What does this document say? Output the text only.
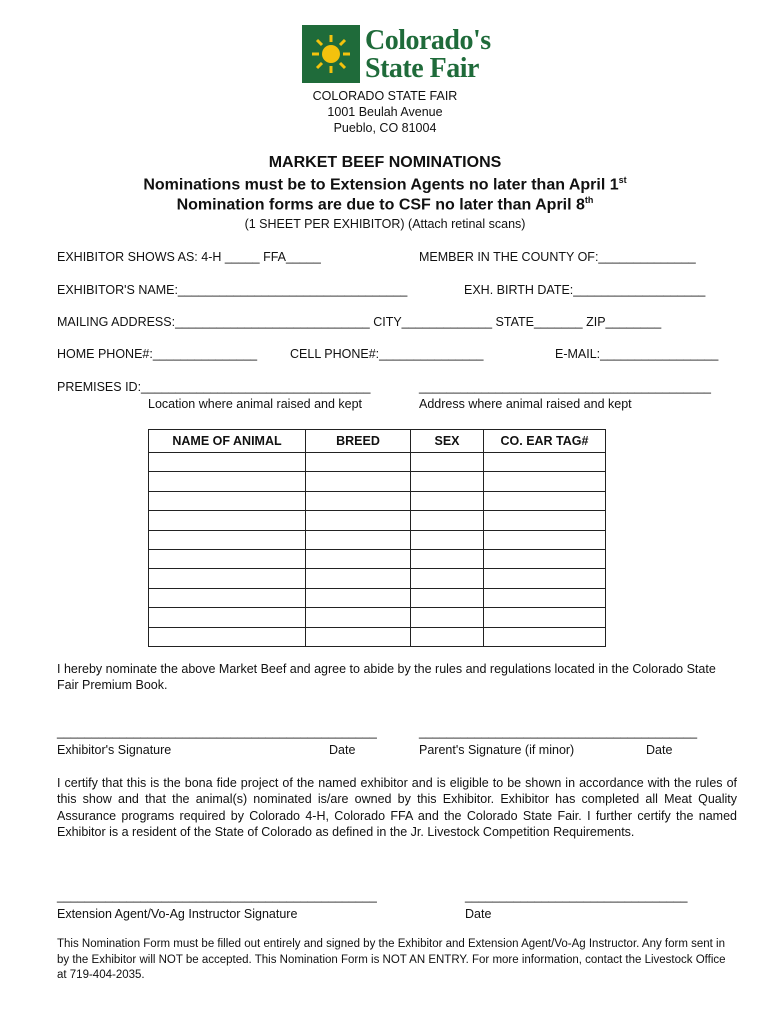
Colorado's
State Fair
COLORADO STATE FAIR
1001 Beulah Avenue
Pueblo, CO 81004
MARKET BEEF NOMINATIONS
Nominations must be to Extension Agents no later than April 1st
Nomination forms are due to CSF no later than April 8th
(1 SHEET PER EXHIBITOR) (Attach retinal scans)
EXHIBITOR SHOWS AS: 4-H _____ FFA_____	MEMBER IN THE COUNTY OF:______________
EXHIBITOR'S NAME:_________________________________	EXH. BIRTH DATE:___________________
MAILING ADDRESS:____________________________ CITY_____________ STATE_______ ZIP________
HOME PHONE#:_______________	CELL PHONE#:_______________	E-MAIL:_________________
PREMISES ID:_________________________________	__________________________________________
Location where animal raised and kept	Address where animal raised and kept
NAME OF ANIMAL	BREED	SEX	CO. EAR TAG#

I hereby nominate the above Market Beef and agree to abide by the rules and regulations located in the Colorado State Fair Premium Book.
______________________________________________	________________________________________
Exhibitor's Signature	Date	Parent's Signature (if minor)	Date
I certify that this is the bona fide project of the named exhibitor and is eligible to be shown in accordance with the rules of this show and that the animal(s) nominated is/are owned by this Exhibitor. Exhibitor has completed all Meat Quality Assurance programs required by Colorado 4-H, Colorado FFA and the Colorado State Fair. I further certify the named Exhibitor is a resident of the State of Colorado as defined in the Jr. Livestock Competition Requirements.
______________________________________________	________________________________
Extension Agent/Vo-Ag Instructor Signature	Date
This Nomination Form must be filled out entirely and signed by the Exhibitor and Extension Agent/Vo-Ag Instructor. Any form sent in by the Exhibitor will NOT be accepted. This Nomination Form is NOT AN ENTRY. For more information, contact the Livestock Office at 719-404-2035.
